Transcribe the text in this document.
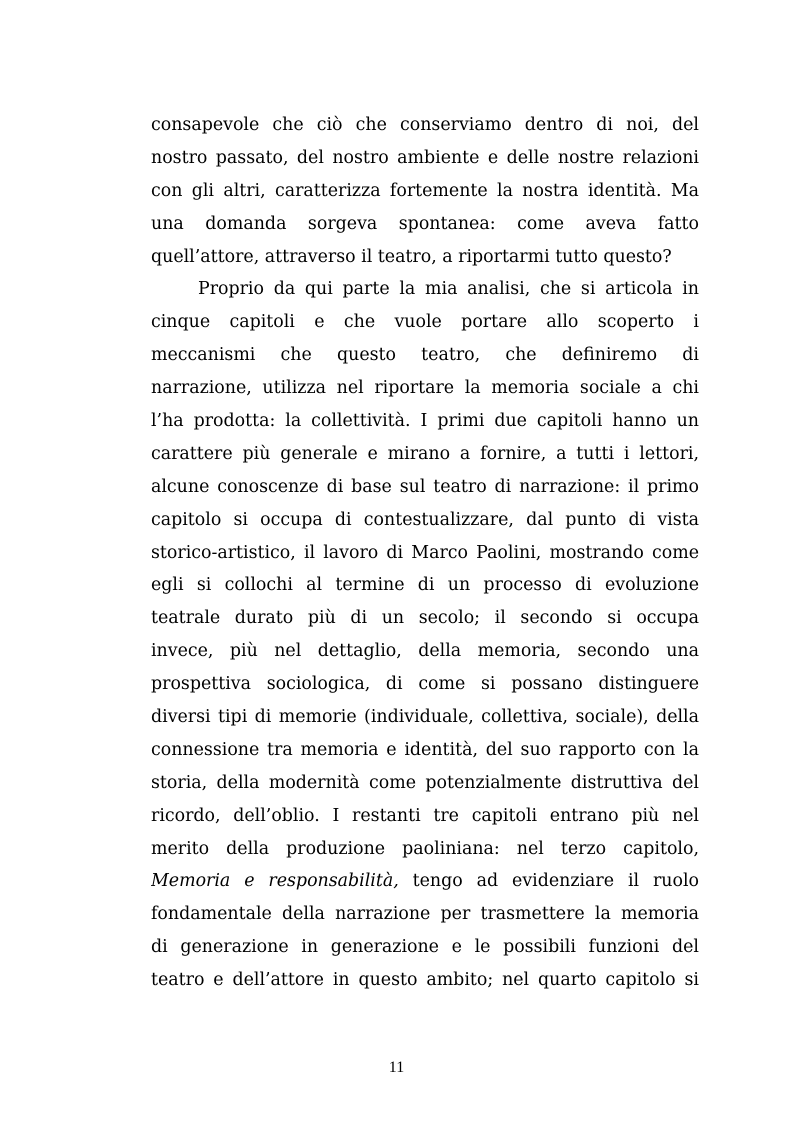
consapevole che ciò che conserviamo dentro di noi, del
nostro passato, del nostro ambiente e delle nostre relazioni
con gli altri, caratterizza fortemente la nostra identità. Ma
una domanda sorgeva spontanea: come aveva fatto
quell’attore, attraverso il teatro, a riportarmi tutto questo?
Proprio da qui parte la mia analisi, che si articola in
cinque capitoli e che vuole portare allo scoperto i
meccanismi che questo teatro, che definiremo di
narrazione, utilizza nel riportare la memoria sociale a chi
l’ha prodotta: la collettività. I primi due capitoli hanno un
carattere più generale e mirano a fornire, a tutti i lettori,
alcune conoscenze di base sul teatro di narrazione: il primo
capitolo si occupa di contestualizzare, dal punto di vista
storico-artistico, il lavoro di Marco Paolini, mostrando come
egli si collochi al termine di un processo di evoluzione
teatrale durato più di un secolo; il secondo si occupa
invece, più nel dettaglio, della memoria, secondo una
prospettiva sociologica, di come si possano distinguere
diversi tipi di memorie (individuale, collettiva, sociale), della
connessione tra memoria e identità, del suo rapporto con la
storia, della modernità come potenzialmente distruttiva del
ricordo, dell’oblio. I restanti tre capitoli entrano più nel
merito della produzione paoliniana: nel terzo capitolo,
Memoria e responsabilità, tengo ad evidenziare il ruolo
fondamentale della narrazione per trasmettere la memoria
di generazione in generazione e le possibili funzioni del
teatro e dell’attore in questo ambito; nel quarto capitolo si
11
